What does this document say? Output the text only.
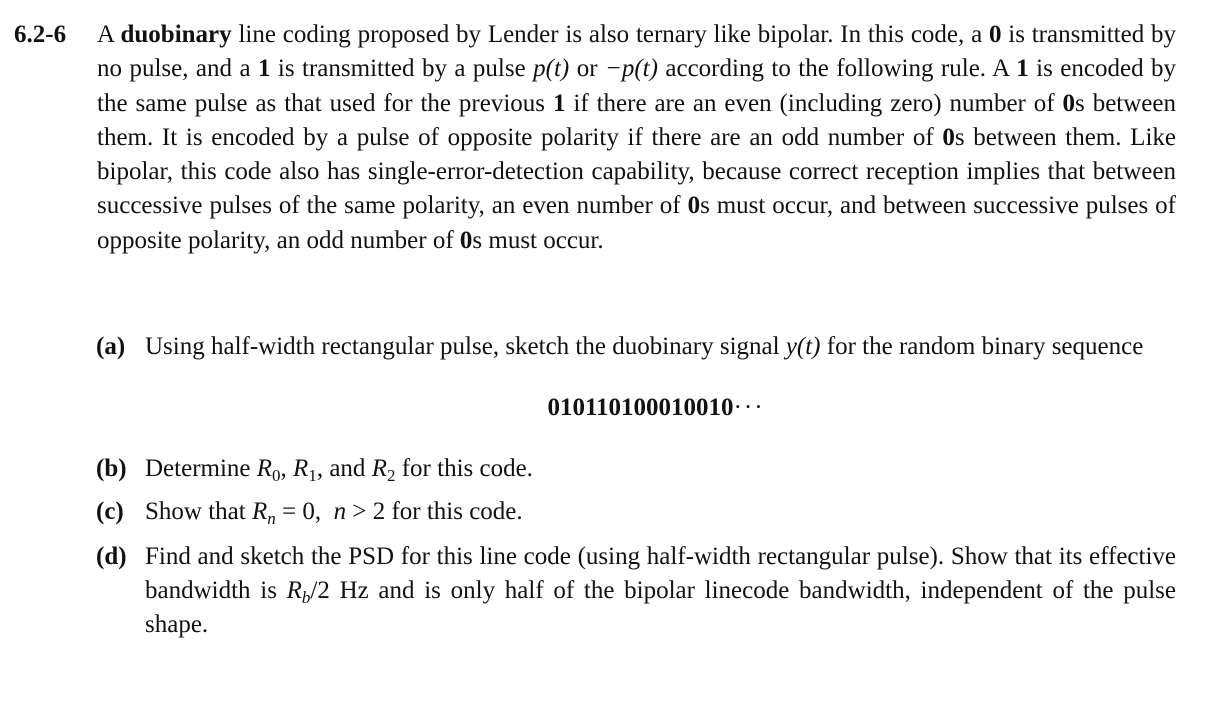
6.2-6 A duobinary line coding proposed by Lender is also ternary like bipolar. In this code, a 0 is transmitted by no pulse, and a 1 is transmitted by a pulse p(t) or −p(t) according to the following rule. A 1 is encoded by the same pulse as that used for the previous 1 if there are an even (including zero) number of 0s between them. It is encoded by a pulse of opposite polarity if there are an odd number of 0s between them. Like bipolar, this code also has single-error-detection capability, because correct reception implies that between successive pulses of the same polarity, an even number of 0s must occur, and between successive pulses of opposite polarity, an odd number of 0s must occur.
(a) Using half-width rectangular pulse, sketch the duobinary signal y(t) for the random binary sequence
010110100010010···
(b) Determine $R_0$, $R_1$, and $R_2$ for this code.
(c) Show that $R_n = 0$,  n > 2 for this code.
(d) Find and sketch the PSD for this line code (using half-width rectangular pulse). Show that its effective bandwidth is $R_b/2$ Hz and is only half of the bipolar linecode bandwidth, independent of the pulse shape.
